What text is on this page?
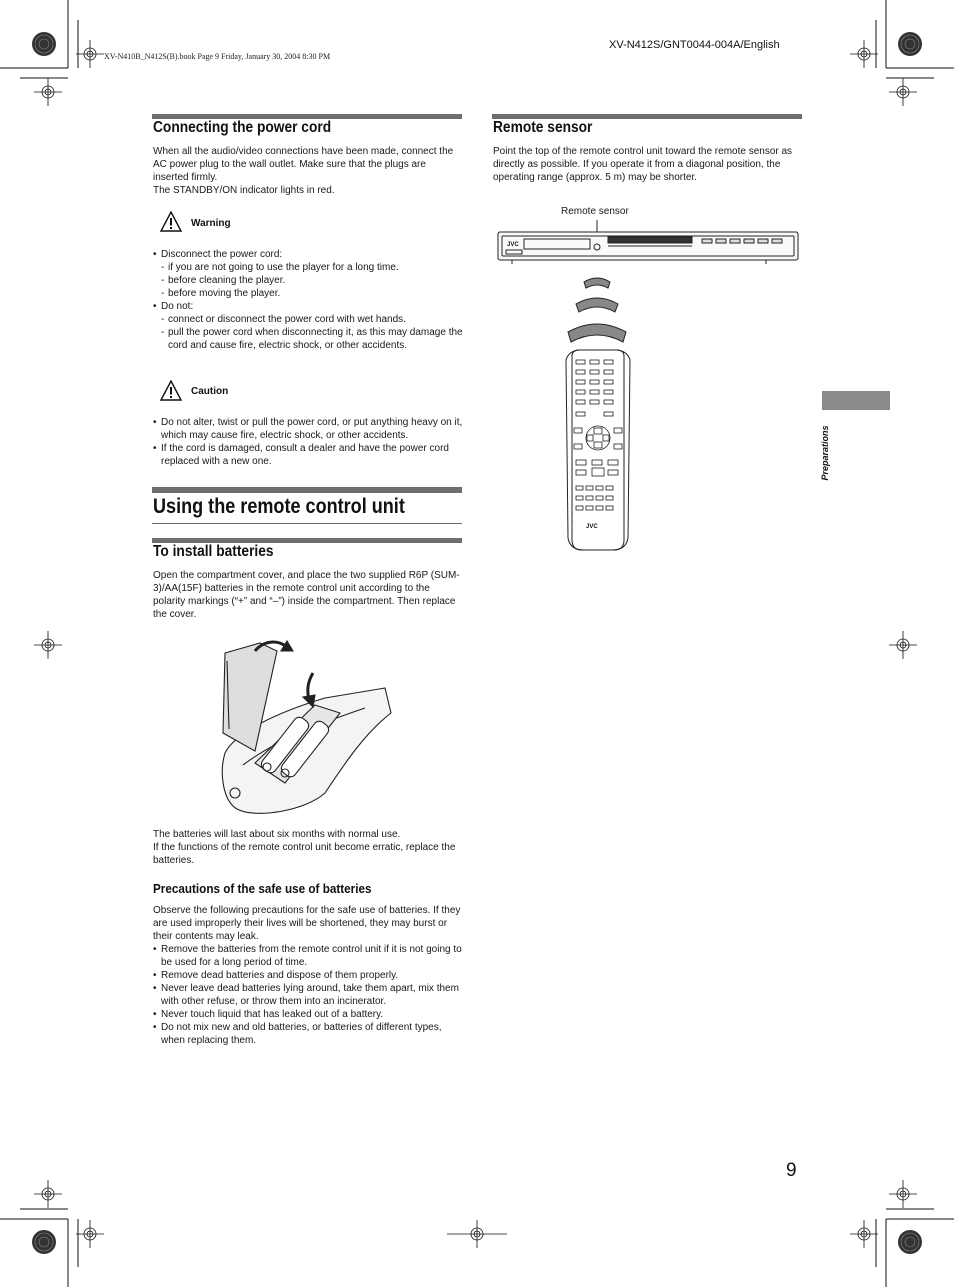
XV-N410B_N412S(B).book Page 9 Friday, January 30, 2004 8:30 PM
XV-N412S/GNT0044-004A/English
Preparations
Connecting the power cord

When all the audio/video connections have been made, connect the AC power plug to the wall outlet. Make sure that the plugs are inserted firmly.

The STANDBY/ON indicator lights in red.

Warning
• Disconnect the power cord:
- if you are not going to use the player for a long time.
- before cleaning the player.
- before moving the player.
• Do not:
- connect or disconnect the power cord with wet hands.
- pull the power cord when disconnecting it, as this may damage the cord and cause fire, electric shock, or other accidents.
Caution
• Do not alter, twist or pull the power cord, or put anything heavy on it, which may cause fire, electric shock, or other accidents.
• If the cord is damaged, consult a dealer and have the power cord replaced with a new one.
Using the remote control unit
To install batteries
Open the compartment cover, and place the two supplied R6P (SUM-3)/AA(15F) batteries in the remote control unit according to the polarity markings (“+” and “–”) inside the compartment. Then replace the cover.

The batteries will last about six months with normal use.

If the functions of the remote control unit become erratic, replace the batteries.

Precautions of the safe use of batteries

Observe the following precautions for the safe use of batteries. If they are used improperly their lives will be shortened, they may burst or their contents may leak.

• Remove the batteries from the remote control unit if it is not going to be used for a long period of time.
• Remove dead batteries and dispose of them properly.
• Never leave dead batteries lying around, take them apart, mix them with other refuse, or throw them into an incinerator.
• Never touch liquid that has leaked out of a battery.
• Do not mix new and old batteries, or batteries of different types, when replacing them.
Remote sensor
Point the top of the remote control unit toward the remote sensor as directly as possible. If you operate it from a diagonal position, the operating range (approx. 5 m) may be shorter.
Remote sensor
JVC
JVC
9
